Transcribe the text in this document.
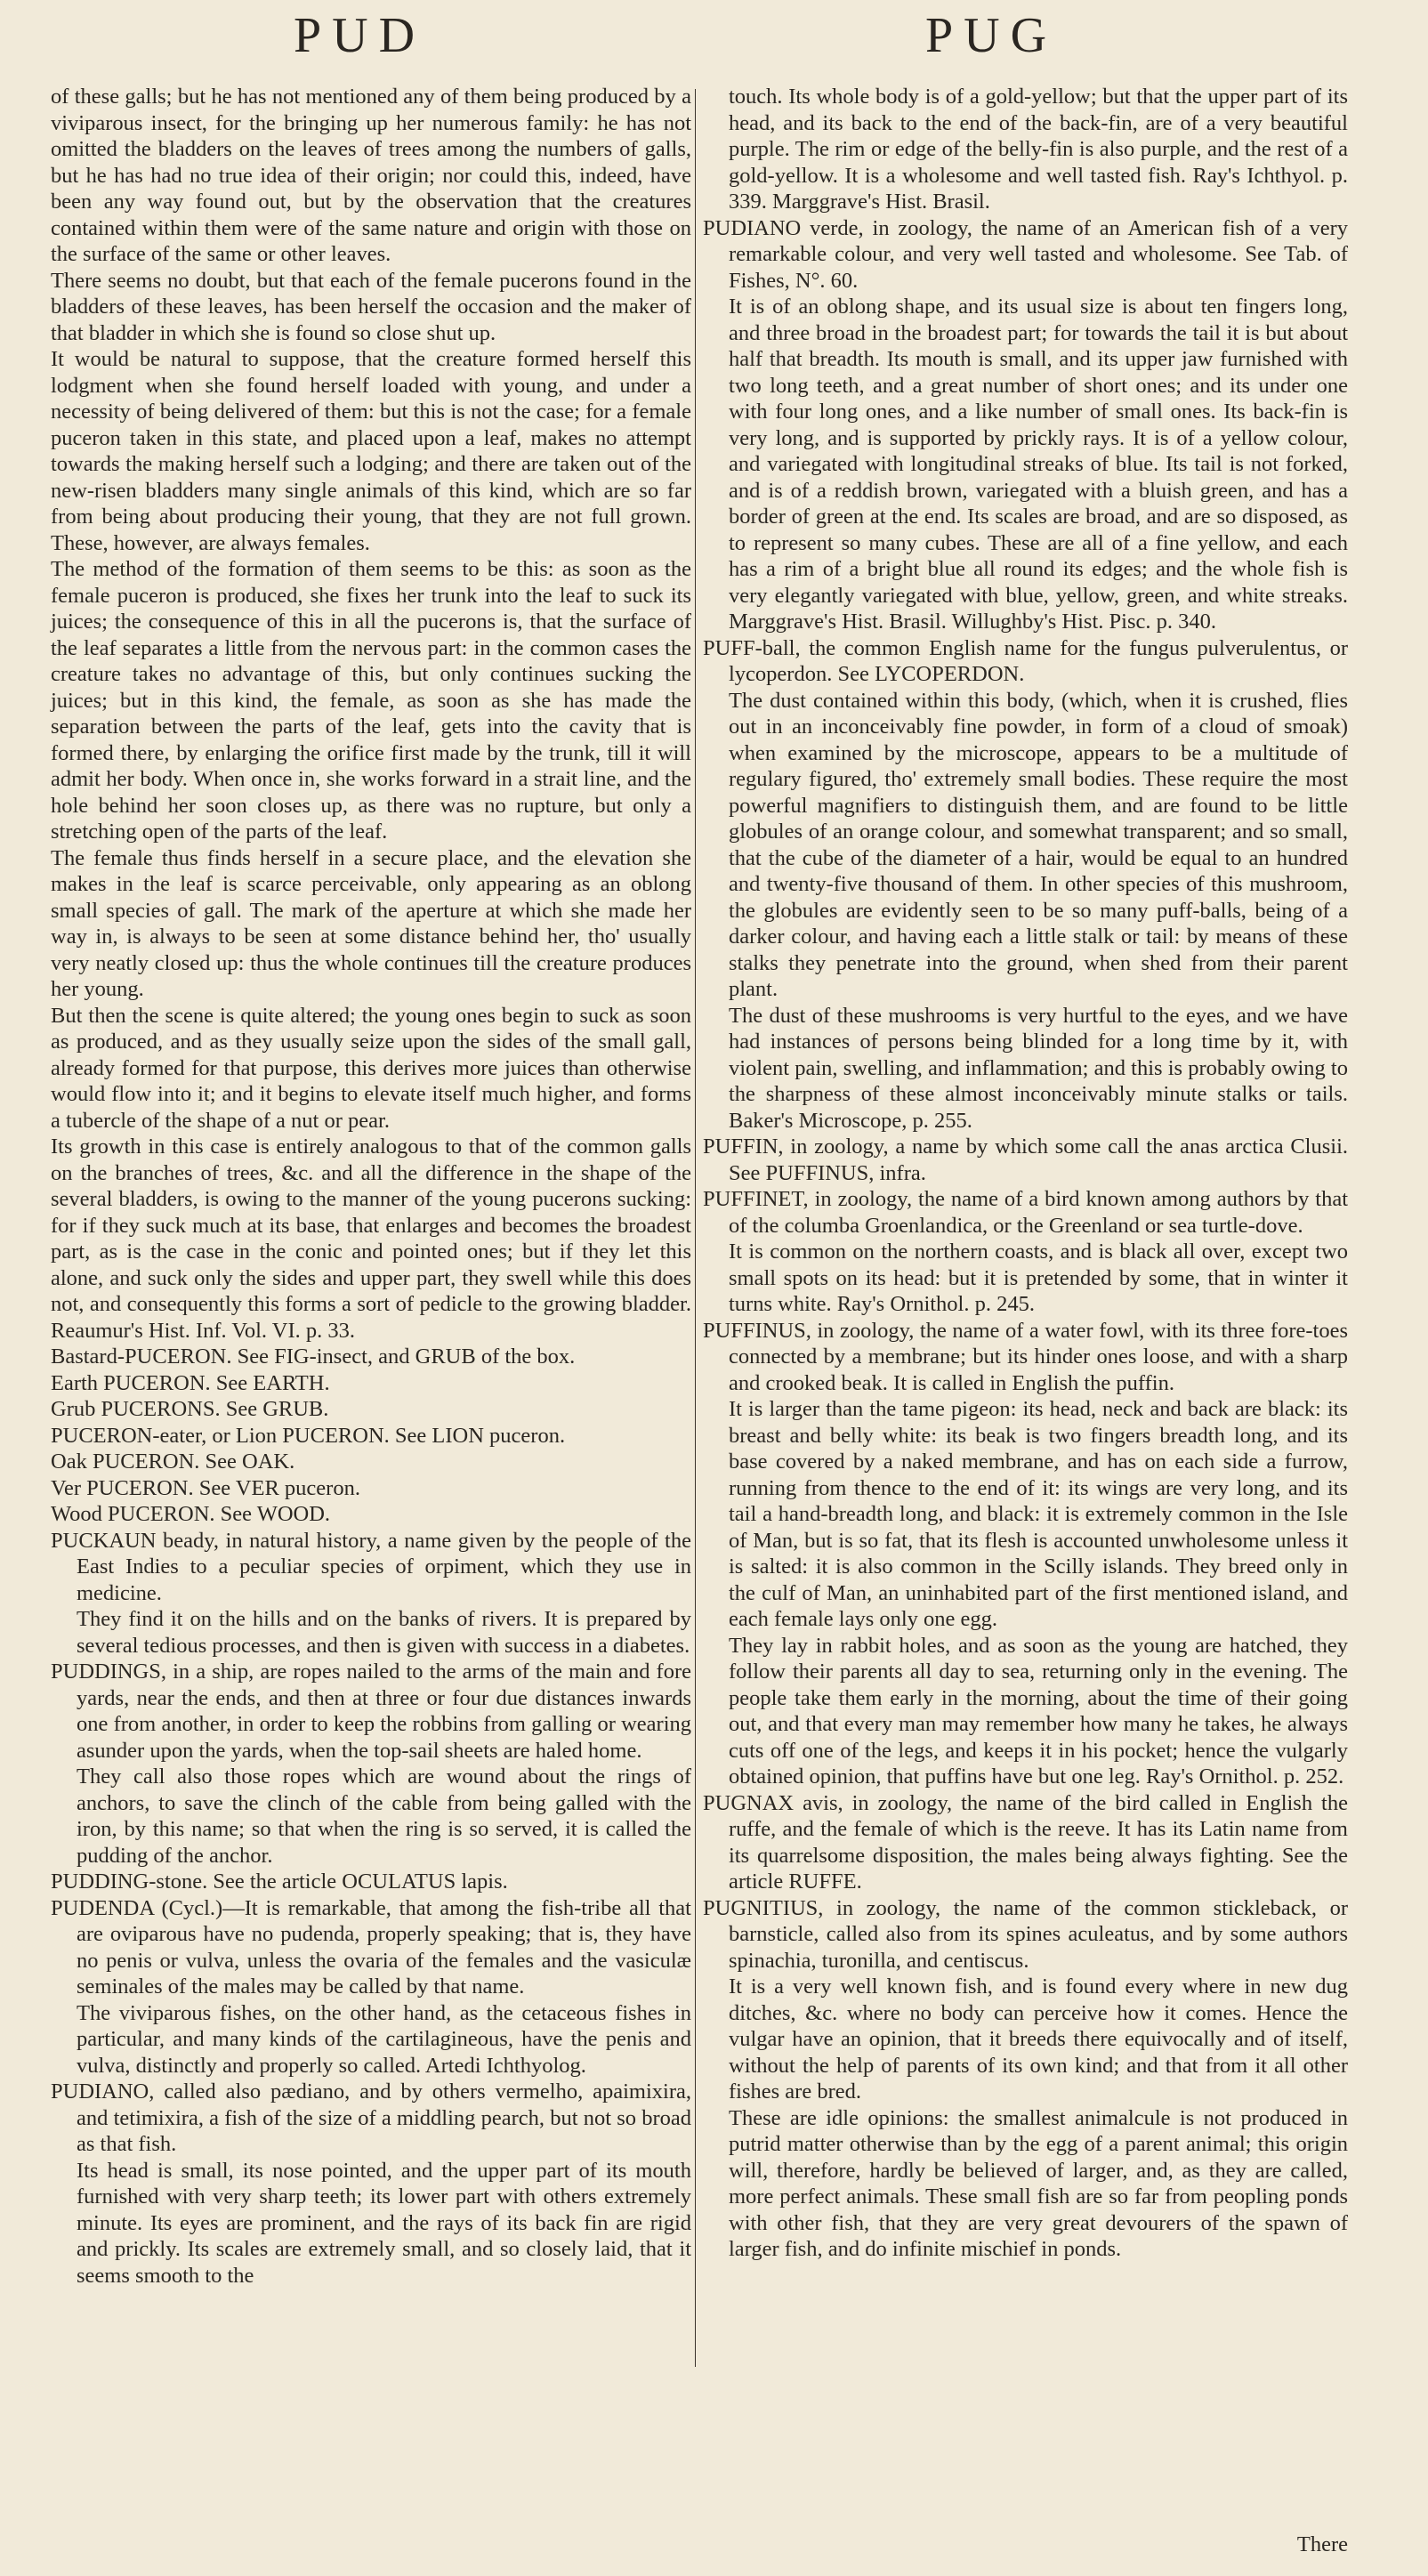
PUD	PUG

of these galls; but he has not mentioned any of them being produced by a viviparous insect, for the bringing up her numerous family: he has not omitted the bladders on the leaves of trees among the numbers of galls, but he has had no true idea of their origin; nor could this, indeed, have been any way found out, but by the observation that the creatures contained within them were of the same nature and origin with those on the surface of the same or other leaves.

There seems no doubt, but that each of the female pucerons found in the bladders of these leaves, has been herself the occasion and the maker of that bladder in which she is found so close shut up.

It would be natural to suppose, that the creature formed herself this lodgment when she found herself loaded with young, and under a necessity of being delivered of them: but this is not the case; for a female puceron taken in this state, and placed upon a leaf, makes no attempt towards the making herself such a lodging; and there are taken out of the new-risen bladders many single animals of this kind, which are so far from being about producing their young, that they are not full grown. These, however, are always females.

The method of the formation of them seems to be this: as soon as the female puceron is produced, she fixes her trunk into the leaf to suck its juices; the consequence of this in all the pucerons is, that the surface of the leaf separates a little from the nervous part: in the common cases the creature takes no advantage of this, but only continues sucking the juices; but in this kind, the female, as soon as she has made the separation between the parts of the leaf, gets into the cavity that is formed there, by enlarging the orifice first made by the trunk, till it will admit her body. When once in, she works forward in a strait line, and the hole behind her soon closes up, as there was no rupture, but only a stretching open of the parts of the leaf.

The female thus finds herself in a secure place, and the elevation she makes in the leaf is scarce perceivable, only appearing as an oblong small species of gall. The mark of the aperture at which she made her way in, is always to be seen at some distance behind her, tho' usually very neatly closed up: thus the whole continues till the creature produces her young.

But then the scene is quite altered; the young ones begin to suck as soon as produced, and as they usually seize upon the sides of the small gall, already formed for that purpose, this derives more juices than otherwise would flow into it; and it begins to elevate itself much higher, and forms a tubercle of the shape of a nut or pear.

Its growth in this case is entirely analogous to that of the common galls on the branches of trees, &c. and all the difference in the shape of the several bladders, is owing to the manner of the young pucerons sucking: for if they suck much at its base, that enlarges and becomes the broadest part, as is the case in the conic and pointed ones; but if they let this alone, and suck only the sides and upper part, they swell while this does not, and consequently this forms a sort of pedicle to the growing bladder. Reaumur's Hist. Inf. Vol. VI. p. 33.

Bastard-PUCERON. See FIG-insect, and GRUB of the box.

Earth PUCERON. See EARTH.

Grub PUCERONS. See GRUB.

PUCERON-eater, or Lion PUCERON. See LION puceron.

Oak PUCERON. See OAK.

Ver PUCERON. See VER puceron.

Wood PUCERON. See WOOD.

PUCKAUN beady, in natural history, a name given by the people of the East Indies to a peculiar species of orpiment, which they use in medicine.

They find it on the hills and on the banks of rivers. It is prepared by several tedious processes, and then is given with success in a diabetes.

PUDDINGS, in a ship, are ropes nailed to the arms of the main and fore yards, near the ends, and then at three or four due distances inwards one from another, in order to keep the robbins from galling or wearing asunder upon the yards, when the top-sail sheets are haled home.

They call also those ropes which are wound about the rings of anchors, to save the clinch of the cable from being galled with the iron, by this name; so that when the ring is so served, it is called the pudding of the anchor.

PUDDING-stone. See the article OCULATUS lapis.

PUDENDA (Cycl.)—It is remarkable, that among the fish-tribe all that are oviparous have no pudenda, properly speaking; that is, they have no penis or vulva, unless the ovaria of the females and the vasiculæ seminales of the males may be called by that name.

The viviparous fishes, on the other hand, as the cetaceous fishes in particular, and many kinds of the cartilagineous, have the penis and vulva, distinctly and properly so called. Artedi Ichthyolog.

PUDIANO, called also pædiano, and by others vermelho, apaimixira, and tetimixira, a fish of the size of a middling pearch, but not so broad as that fish.

Its head is small, its nose pointed, and the upper part of its mouth furnished with very sharp teeth; its lower part with others extremely minute. Its eyes are prominent, and the rays of its back fin are rigid and prickly. Its scales are extremely small, and so closely laid, that it seems smooth to the

touch. Its whole body is of a gold-yellow; but that the upper part of its head, and its back to the end of the back-fin, are of a very beautiful purple. The rim or edge of the belly-fin is also purple, and the rest of a gold-yellow. It is a wholesome and well tasted fish. Ray's Ichthyol. p. 339. Marggrave's Hist. Brasil.

PUDIANO verde, in zoology, the name of an American fish of a very remarkable colour, and very well tasted and wholesome. See Tab. of Fishes, N°. 60.

It is of an oblong shape, and its usual size is about ten fingers long, and three broad in the broadest part; for towards the tail it is but about half that breadth. Its mouth is small, and its upper jaw furnished with two long teeth, and a great number of short ones; and its under one with four long ones, and a like number of small ones. Its back-fin is very long, and is supported by prickly rays. It is of a yellow colour, and variegated with longitudinal streaks of blue. Its tail is not forked, and is of a reddish brown, variegated with a bluish green, and has a border of green at the end. Its scales are broad, and are so disposed, as to represent so many cubes. These are all of a fine yellow, and each has a rim of a bright blue all round its edges; and the whole fish is very elegantly variegated with blue, yellow, green, and white streaks. Marggrave's Hist. Brasil. Willughby's Hist. Pisc. p. 340.

PUFF-ball, the common English name for the fungus pulverulentus, or lycoperdon. See LYCOPERDON.

The dust contained within this body, (which, when it is crushed, flies out in an inconceivably fine powder, in form of a cloud of smoak) when examined by the microscope, appears to be a multitude of regulary figured, tho' extremely small bodies. These require the most powerful magnifiers to distinguish them, and are found to be little globules of an orange colour, and somewhat transparent; and so small, that the cube of the diameter of a hair, would be equal to an hundred and twenty-five thousand of them. In other species of this mushroom, the globules are evidently seen to be so many puff-balls, being of a darker colour, and having each a little stalk or tail: by means of these stalks they penetrate into the ground, when shed from their parent plant.

The dust of these mushrooms is very hurtful to the eyes, and we have had instances of persons being blinded for a long time by it, with violent pain, swelling, and inflammation; and this is probably owing to the sharpness of these almost inconceivably minute stalks or tails. Baker's Microscope, p. 255.

PUFFIN, in zoology, a name by which some call the anas arctica Clusii. See PUFFINUS, infra.

PUFFINET, in zoology, the name of a bird known among authors by that of the columba Groenlandica, or the Greenland or sea turtle-dove.

It is common on the northern coasts, and is black all over, except two small spots on its head: but it is pretended by some, that in winter it turns white. Ray's Ornithol. p. 245.

PUFFINUS, in zoology, the name of a water fowl, with its three fore-toes connected by a membrane; but its hinder ones loose, and with a sharp and crooked beak. It is called in English the puffin.

It is larger than the tame pigeon: its head, neck and back are black: its breast and belly white: its beak is two fingers breadth long, and its base covered by a naked membrane, and has on each side a furrow, running from thence to the end of it: its wings are very long, and its tail a hand-breadth long, and black: it is extremely common in the Isle of Man, but is so fat, that its flesh is accounted unwholesome unless it is salted: it is also common in the Scilly islands. They breed only in the culf of Man, an uninhabited part of the first mentioned island, and each female lays only one egg.

They lay in rabbit holes, and as soon as the young are hatched, they follow their parents all day to sea, returning only in the evening. The people take them early in the morning, about the time of their going out, and that every man may remember how many he takes, he always cuts off one of the legs, and keeps it in his pocket; hence the vulgarly obtained opinion, that puffins have but one leg. Ray's Ornithol. p. 252.

PUGNAX avis, in zoology, the name of the bird called in English the ruffe, and the female of which is the reeve. It has its Latin name from its quarrelsome disposition, the males being always fighting. See the article RUFFE.

PUGNITIUS, in zoology, the name of the common stickleback, or barnsticle, called also from its spines aculeatus, and by some authors spinachia, turonilla, and centiscus.

It is a very well known fish, and is found every where in new dug ditches, &c. where no body can perceive how it comes. Hence the vulgar have an opinion, that it breeds there equivocally and of itself, without the help of parents of its own kind; and that from it all other fishes are bred.

These are idle opinions: the smallest animalcule is not produced in putrid matter otherwise than by the egg of a parent animal; this origin will, therefore, hardly be believed of larger, and, as they are called, more perfect animals. These small fish are so far from peopling ponds with other fish, that they are very great devourers of the spawn of larger fish, and do infinite mischief in ponds.

There
